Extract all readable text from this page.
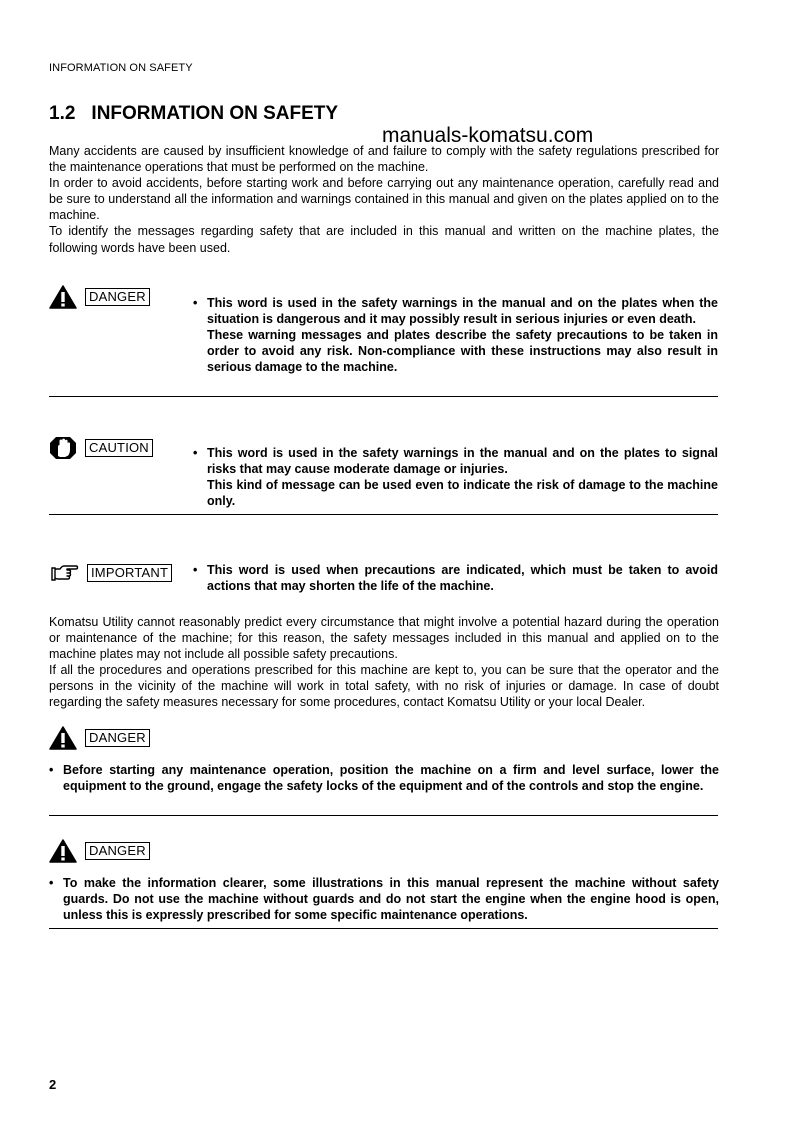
INFORMATION ON SAFETY
1.2 INFORMATION ON SAFETY
manuals-komatsu.com

Many accidents are caused by insufficient knowledge of and failure to comply with the safety regulations prescribed for the maintenance operations that must be performed on the machine.

In order to avoid accidents, before starting work and before carrying out any maintenance operation, carefully read and be sure to understand all the information and warnings contained in this manual and given on the plates applied on to the machine.

To identify the messages regarding safety that are included in this manual and written on the machine plates, the following words have been used.

DANGER	• This word is used in the safety warnings in the manual and on the plates when the situation is dangerous and it may possibly result in serious injuries or even death.

These warning messages and plates describe the safety precautions to be taken in order to avoid any risk. Non-compliance with these instructions may also result in serious damage to the machine.

CAUTION	• This word is used in the safety warnings in the manual and on the plates to signal risks that may cause moderate damage or injuries.

This kind of message can be used even to indicate the risk of damage to the machine only.

IMPORTANT	• This word is used when precautions are indicated, which must be taken to avoid actions that may shorten the life of the machine.

Komatsu Utility cannot reasonably predict every circumstance that might involve a potential hazard during the operation or maintenance of the machine; for this reason, the safety messages included in this manual and applied on to the machine plates may not include all possible safety precautions.

If all the procedures and operations prescribed for this machine are kept to, you can be sure that the operator and the persons in the vicinity of the machine will work in total safety, with no risk of injuries or damage. In case of doubt regarding the safety measures necessary for some procedures, contact Komatsu Utility or your local Dealer.

DANGER
• Before starting any maintenance operation, position the machine on a firm and level surface, lower the equipment to the ground, engage the safety locks of the equipment and of the controls and stop the engine.

DANGER
• To make the information clearer, some illustrations in this manual represent the machine without safety guards. Do not use the machine without guards and do not start the engine when the engine hood is open, unless this is expressly prescribed for some specific maintenance operations.

2
